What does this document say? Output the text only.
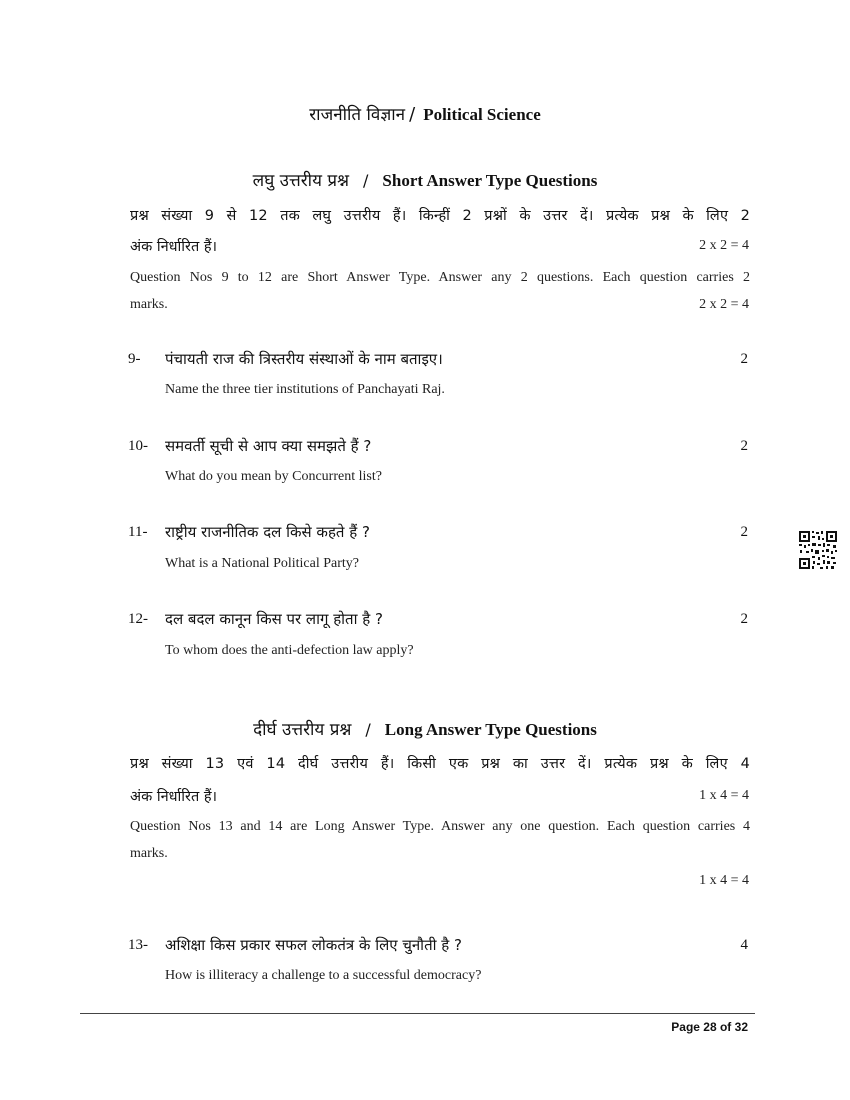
राजनीति विज्ञान / Political Science
लघु उत्तरीय प्रश्न / Short Answer Type Questions
प्रश्न संख्या 9 से 12 तक लघु उत्तरीय हैं। किन्हीं 2 प्रश्नों के उत्तर दें। प्रत्येक प्रश्न के लिए 2
अंक निर्धारित हैं।	2 x 2 = 4
Question Nos 9 to 12 are Short Answer Type. Answer any 2 questions. Each question carries 2
marks.	2 x 2 = 4
9- पंचायती राज की त्रिस्तरीय संस्थाओं के नाम बताइए।	2
Name the three tier institutions of Panchayati Raj.
10- समवर्ती सूची से आप क्या समझते हैं ?	2
What do you mean by Concurrent list?
11- राष्ट्रीय राजनीतिक दल किसे कहते हैं ?	2
What is a National Political Party?
12- दल बदल कानून किस पर लागू होता है ?	2
To whom does the anti-defection law apply?
दीर्घ उत्तरीय प्रश्न / Long Answer Type Questions
प्रश्न संख्या 13 एवं 14 दीर्घ उत्तरीय हैं। किसी एक प्रश्न का उत्तर दें। प्रत्येक प्रश्न के लिए 4
अंक निर्धारित हैं।	1 x 4 = 4
Question Nos 13 and 14 are Long Answer Type. Answer any one question. Each question carries 4
marks.
1 x 4 = 4
13- अशिक्षा किस प्रकार सफल लोकतंत्र के लिए चुनौती है ?	4
How is illiteracy a challenge to a successful democracy?
Page 28 of 32
